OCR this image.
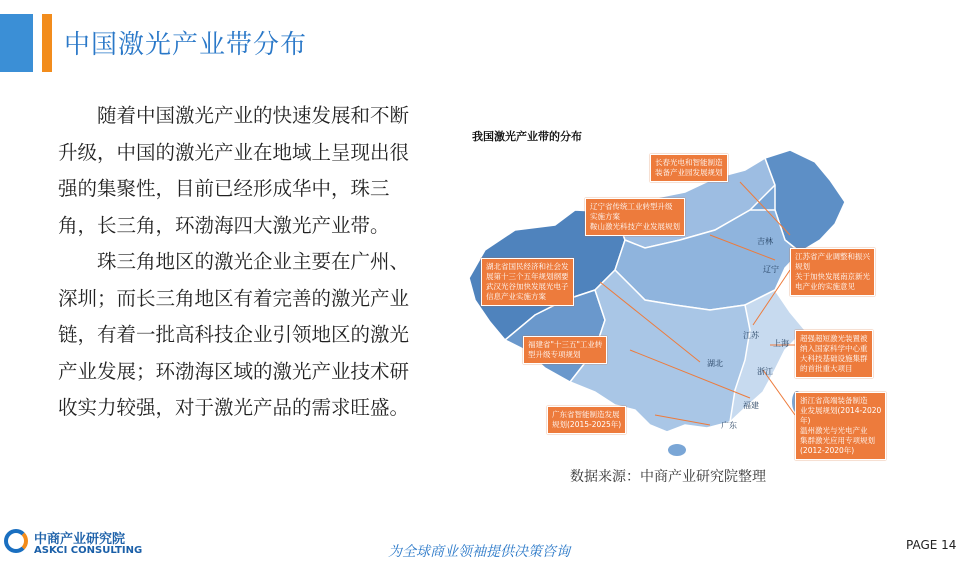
中国激光产业带分布

随着中国激光产业的快速发展和不断升级，中国的激光产业在地域上呈现出很强的集聚性，目前已经形成华中，珠三角，长三角，环渤海四大激光产业带。

珠三角地区的激光企业主要在广州、深圳；而长三角地区有着完善的激光产业链，有着一批高科技企业引领地区的激光产业发展；环渤海区域的激光产业技术研收实力较强，对于激光产品的需求旺盛。

我国激光产业带的分布
吉林
辽宁
江苏
上海
浙江
福建
广东
湖北
长春光电和智能制造
装备产业园发展规划
辽宁省传统工业转型升级
实施方案
鞍山激光科技产业发展规划
湖北省国民经济和社会发
展第十三个五年规划纲要
武汉光谷加快发展光电子
信息产业实施方案
福建省"十三五"工业转
型升级专项规划
广东省智能制造发展
规划(2015-2025年)
江苏省产业调整和振兴
规划
关于加快发展南京新光
电产业的实施意见
超强超短激光装置被
纳入国家科学中心重
大科技基础设施集群
的首批重大项目
浙江省高端装备制造
业发展规划(2014-2020
年)
温州激光与光电产业
集群激光应用专项规划
(2012-2020年)
数据来源：中商产业研究院整理
中商产业研究院
ASKCI CONSULTING	为全球商业领袖提供决策咨询	PAGE 14
